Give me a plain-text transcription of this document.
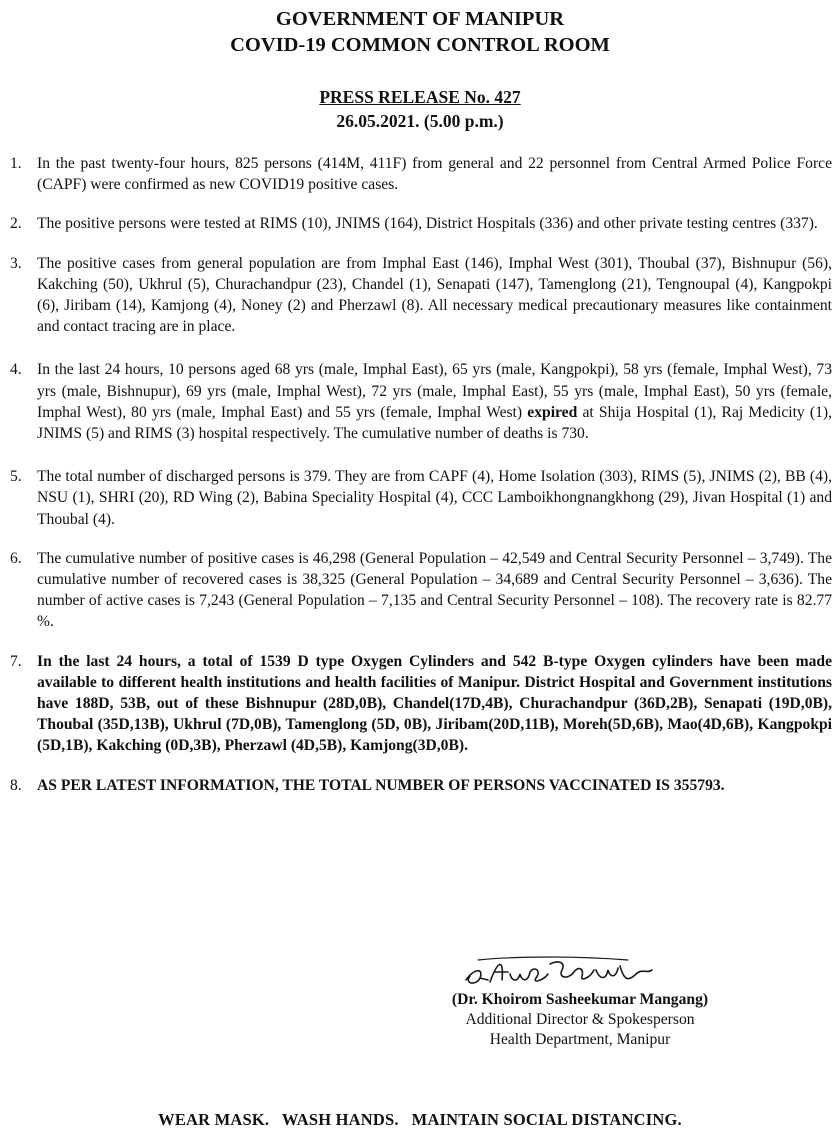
GOVERNMENT OF MANIPUR
COVID-19 COMMON CONTROL ROOM
PRESS RELEASE No. 427
26.05.2021. (5.00 p.m.)
1. In the past twenty-four hours, 825 persons (414M, 411F) from general and 22 personnel from Central Armed Police Force (CAPF) were confirmed as new COVID19 positive cases.
2. The positive persons were tested at RIMS (10), JNIMS (164), District Hospitals (336) and other private testing centres (337).
3. The positive cases from general population are from Imphal East (146), Imphal West (301), Thoubal (37), Bishnupur (56), Kakching (50), Ukhrul (5), Churachandpur (23), Chandel (1), Senapati (147), Tamenglong (21), Tengnoupal (4), Kangpokpi (6), Jiribam (14), Kamjong (4), Noney (2) and Pherzawl (8). All necessary medical precautionary measures like containment and contact tracing are in place.
4. In the last 24 hours, 10 persons aged 68 yrs (male, Imphal East), 65 yrs (male, Kangpokpi), 58 yrs (female, Imphal West), 73 yrs (male, Bishnupur), 69 yrs (male, Imphal West), 72 yrs (male, Imphal East), 55 yrs (male, Imphal East), 50 yrs (female, Imphal West), 80 yrs (male, Imphal East) and 55 yrs (female, Imphal West) expired at Shija Hospital (1), Raj Medicity (1), JNIMS (5) and RIMS (3) hospital respectively. The cumulative number of deaths is 730.
5. The total number of discharged persons is 379. They are from CAPF (4), Home Isolation (303), RIMS (5), JNIMS (2), BB (4), NSU (1), SHRI (20), RD Wing (2), Babina Speciality Hospital (4), CCC Lamboikhongnangkhong (29), Jivan Hospital (1) and Thoubal (4).
6. The cumulative number of positive cases is 46,298 (General Population – 42,549 and Central Security Personnel – 3,749). The cumulative number of recovered cases is 38,325 (General Population – 34,689 and Central Security Personnel – 3,636). The number of active cases is 7,243 (General Population – 7,135 and Central Security Personnel – 108). The recovery rate is 82.77 %.
7. In the last 24 hours, a total of 1539 D type Oxygen Cylinders and 542 B-type Oxygen cylinders have been made available to different health institutions and health facilities of Manipur. District Hospital and Government institutions have 188D, 53B, out of these Bishnupur (28D,0B), Chandel(17D,4B), Churachandpur (36D,2B), Senapati (19D,0B), Thoubal (35D,13B), Ukhrul (7D,0B), Tamenglong (5D, 0B), Jiribam(20D,11B), Moreh(5D,6B), Mao(4D,6B), Kangpokpi (5D,1B), Kakching (0D,3B), Pherzawl (4D,5B), Kamjong(3D,0B).
8. AS PER LATEST INFORMATION, THE TOTAL NUMBER OF PERSONS VACCINATED IS 355793.
(Dr. Khoirom Sasheekumar Mangang)
Additional Director & Spokesperson
Health Department, Manipur
WEAR MASK.   WASH HANDS.   MAINTAIN SOCIAL DISTANCING.
